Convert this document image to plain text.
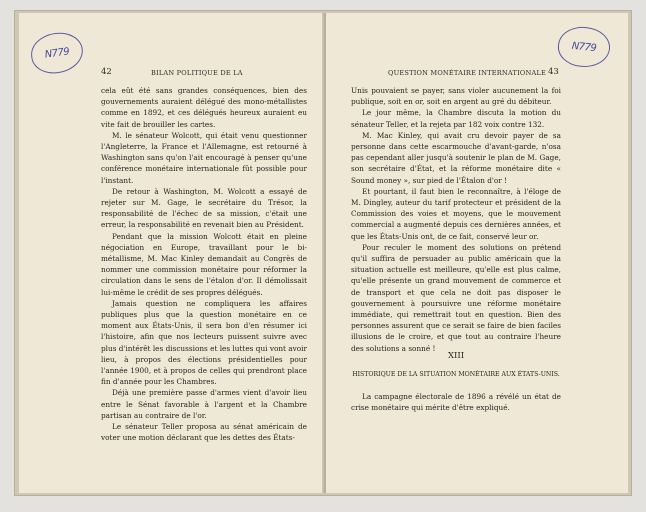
N779
42	BILAN POLITIQUE DE LA

cela eût été sans grandes conséquences, bien des gouvernements auraient délégué des mono-métallistes comme en 1892, et ces délégués heureux auraient eu vite fait de brouiller les cartes.

M. le sénateur Wolcott, qui était venu questionner l'Angleterre, la France et l'Allemagne, est retourné à Washington sans qu'on l'ait encouragé à penser qu'une conférence monétaire internationale fût possible pour l'instant.

De retour à Washington, M. Wolcott a essayé de rejeter sur M. Gage, le secrétaire du Trésor, la responsabilité de l'échec de sa mission, c'était une erreur, la responsabilité en revenait bien au Président.

Pendant que la mission Wolcott était en pleine négociation en Europe, travaillant pour le bi-métallisme, M. Mac Kinley demandait au Congrès de nommer une commission monétaire pour réformer la circulation dans le sens de l'étalon d'or. Il démolissait lui-même le crédit de ses propres délégués.

Jamais question ne compliquera les affaires publiques plus que la question monétaire en ce moment aux États-Unis, il sera bon d'en résumer ici l'histoire, afin que nos lecteurs puissent suivre avec plus d'intérêt les discussions et les luttes qui vont avoir lieu, à propos des élections présidentielles pour l'année 1900, et à propos de celles qui prendront place fin d'année pour les Chambres.

Déjà une première passe d'armes vient d'avoir lieu entre le Sénat favorable à l'argent et la Chambre partisan au contraire de l'or.

Le sénateur Teller proposa au sénat américain de voter une motion déclarant que les dettes des États-

N779
QUESTION MONÉTAIRE INTERNATIONALE 43

Unis pouvaient se payer, sans violer aucunement la foi publique, soit en or, soit en argent au gré du débiteur.

Le jour même, la Chambre discuta la motion du sénateur Teller, et la rejeta par 182 voix contre 132.

M. Mac Kinley, qui avait cru devoir payer de sa personne dans cette escarmouche d'avant-garde, n'osa pas cependant aller jusqu'à soutenir le plan de M. Gage, son secrétaire d'État, et la réforme monétaire dite « Sound money », sur pied de l'Étalon d'or !

Et pourtant, il faut bien le reconnaître, à l'éloge de M. Dingley, auteur du tarif protecteur et président de la Commission des voies et moyens, que le mouvement commercial a augmenté depuis ces dernières années, et que les États-Unis ont, de ce fait, conservé leur or.

Pour reculer le moment des solutions on prétend qu'il suffira de persuader au public américain que la situation actuelle est meilleure, qu'elle est plus calme, qu'elle présente un grand mouvement de commerce et de transport et que cela ne doit pas disposer le gouvernement à poursuivre une réforme monétaire immédiate, qui remettrait tout en question. Bien des personnes assurent que ce serait se faire de bien faciles illusions de le croire, et que tout au contraire l'heure des solutions a sonné !

XIII
HISTORIQUE DE LA SITUATION MONÉTAIRE AUX ÉTATS-UNIS.

La campagne électorale de 1896 a révélé un état de crise monétaire qui mérite d'être expliqué.
